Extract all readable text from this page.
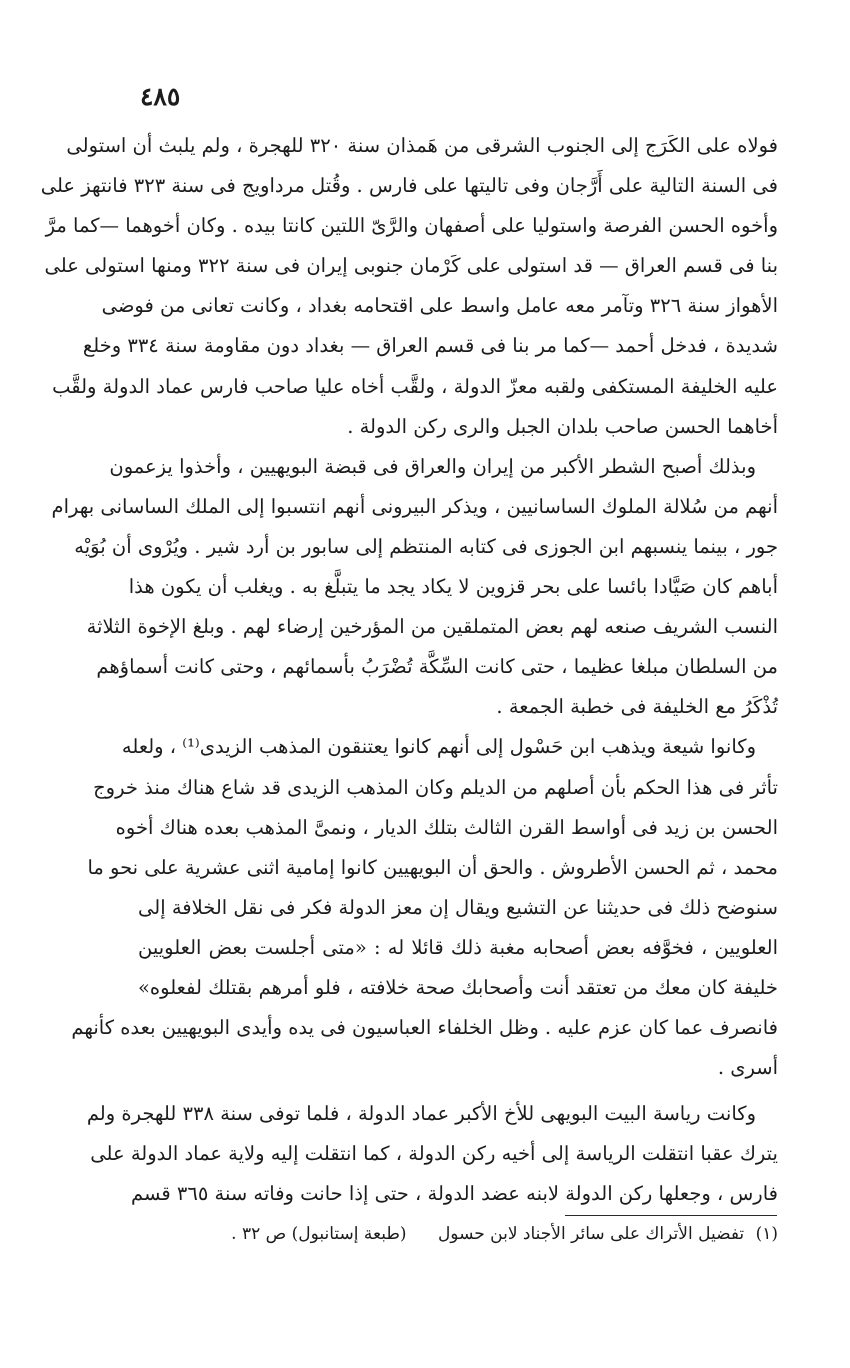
٤٨٥
فولاه على الكَرَج إلى الجنوب الشرقى من هَمذان سنة ٣٢٠ للهجرة ، ولم يلبث أن استولى
فى السنة التالية على أَرَّجان وفى تاليتها على فارس . وقُتل مرداويج فى سنة ٣٢٣ فانتهز على
وأخوه الحسن الفرصة واستوليا على أصفهان والرَّىّ اللتين كانتا بيده . وكان أخوهما —كما مرَّ
بنا فى قسم العراق — قد استولى على كَرْمان جنوبى إيران فى سنة ٣٢٢ ومنها استولى على
الأهواز سنة ٣٢٦ وتآمر معه عامل واسط على اقتحامه بغداد ، وكانت تعانى من فوضى
شديدة ، فدخل أحمد —كما مر بنا فى قسم العراق — بغداد دون مقاومة سنة ٣٣٤ وخلع
عليه الخليفة المستكفى ولقبه معزّ الدولة ، ولقَّب أخاه عليا صاحب فارس عماد الدولة ولقَّب
أخاهما الحسن صاحب بلدان الجبل والرى ركن الدولة .
وبذلك أصبح الشطر الأكبر من إيران والعراق فى قبضة البويهيين ، وأخذوا يزعمون
أنهم من سُلالة الملوك الساسانيين ، ويذكر البيرونى أنهم انتسبوا إلى الملك الساسانى بهرام
جور ، بينما ينسبهم ابن الجوزى فى كتابه المنتظم إلى سابور بن أرد شير . ويُرْوى أن بُوَيْه
أباهم كان صَيَّادا بائسا على بحر قزوين لا يكاد يجد ما يتبلَّغ به . ويغلب أن يكون هذا
النسب الشريف صنعه لهم بعض المتملقين من المؤرخين إرضاء لهم . وبلغ الإخوة الثلاثة
من السلطان مبلغا عظيما ، حتى كانت السِّكَّة تُضْرَبُ بأسمائهم ، وحتى كانت أسماؤهم
تُذْكَرُ مع الخليفة فى خطبة الجمعة .
وكانوا شيعة ويذهب ابن حَسْول إلى أنهم كانوا يعتنقون المذهب الزيدى⁽¹⁾ ، ولعله
تأثر فى هذا الحكم بأن أصلهم من الديلم وكان المذهب الزيدى قد شاع هناك منذ خروج
الحسن بن زيد فى أواسط القرن الثالث بتلك الديار ، ونمىَّ المذهب بعده هناك أخوه
محمد ، ثم الحسن الأطروش . والحق أن البويهيين كانوا إمامية اثنى عشرية على نحو ما
سنوضح ذلك فى حديثنا عن التشيع ويقال إن معز الدولة فكر فى نقل الخلافة إلى
العلويين ، فخوَّفه بعض أصحابه مغبة ذلك قائلا له : «متى أجلست بعض العلويين
خليفة كان معك من تعتقد أنت وأصحابك صحة خلافته ، فلو أمرهم بقتلك لفعلوه»
فانصرف عما كان عزم عليه . وظل الخلفاء العباسيون فى يده وأيدى البويهيين بعده كأنهم
أسرى .
وكانت رياسة البيت البويهى للأخ الأكبر عماد الدولة ، فلما توفى سنة ٣٣٨ للهجرة ولم
يترك عقبا انتقلت الرياسة إلى أخيه ركن الدولة ، كما انتقلت إليه ولاية عماد الدولة على
فارس ، وجعلها ركن الدولة لابنه عضد الدولة ، حتى إذا حانت وفاته سنة ٣٦٥ قسم
(١) تفضيل الأتراك على سائر الأجناد لابن حسول (طبعة إستانبول) ص ٣٢ .
